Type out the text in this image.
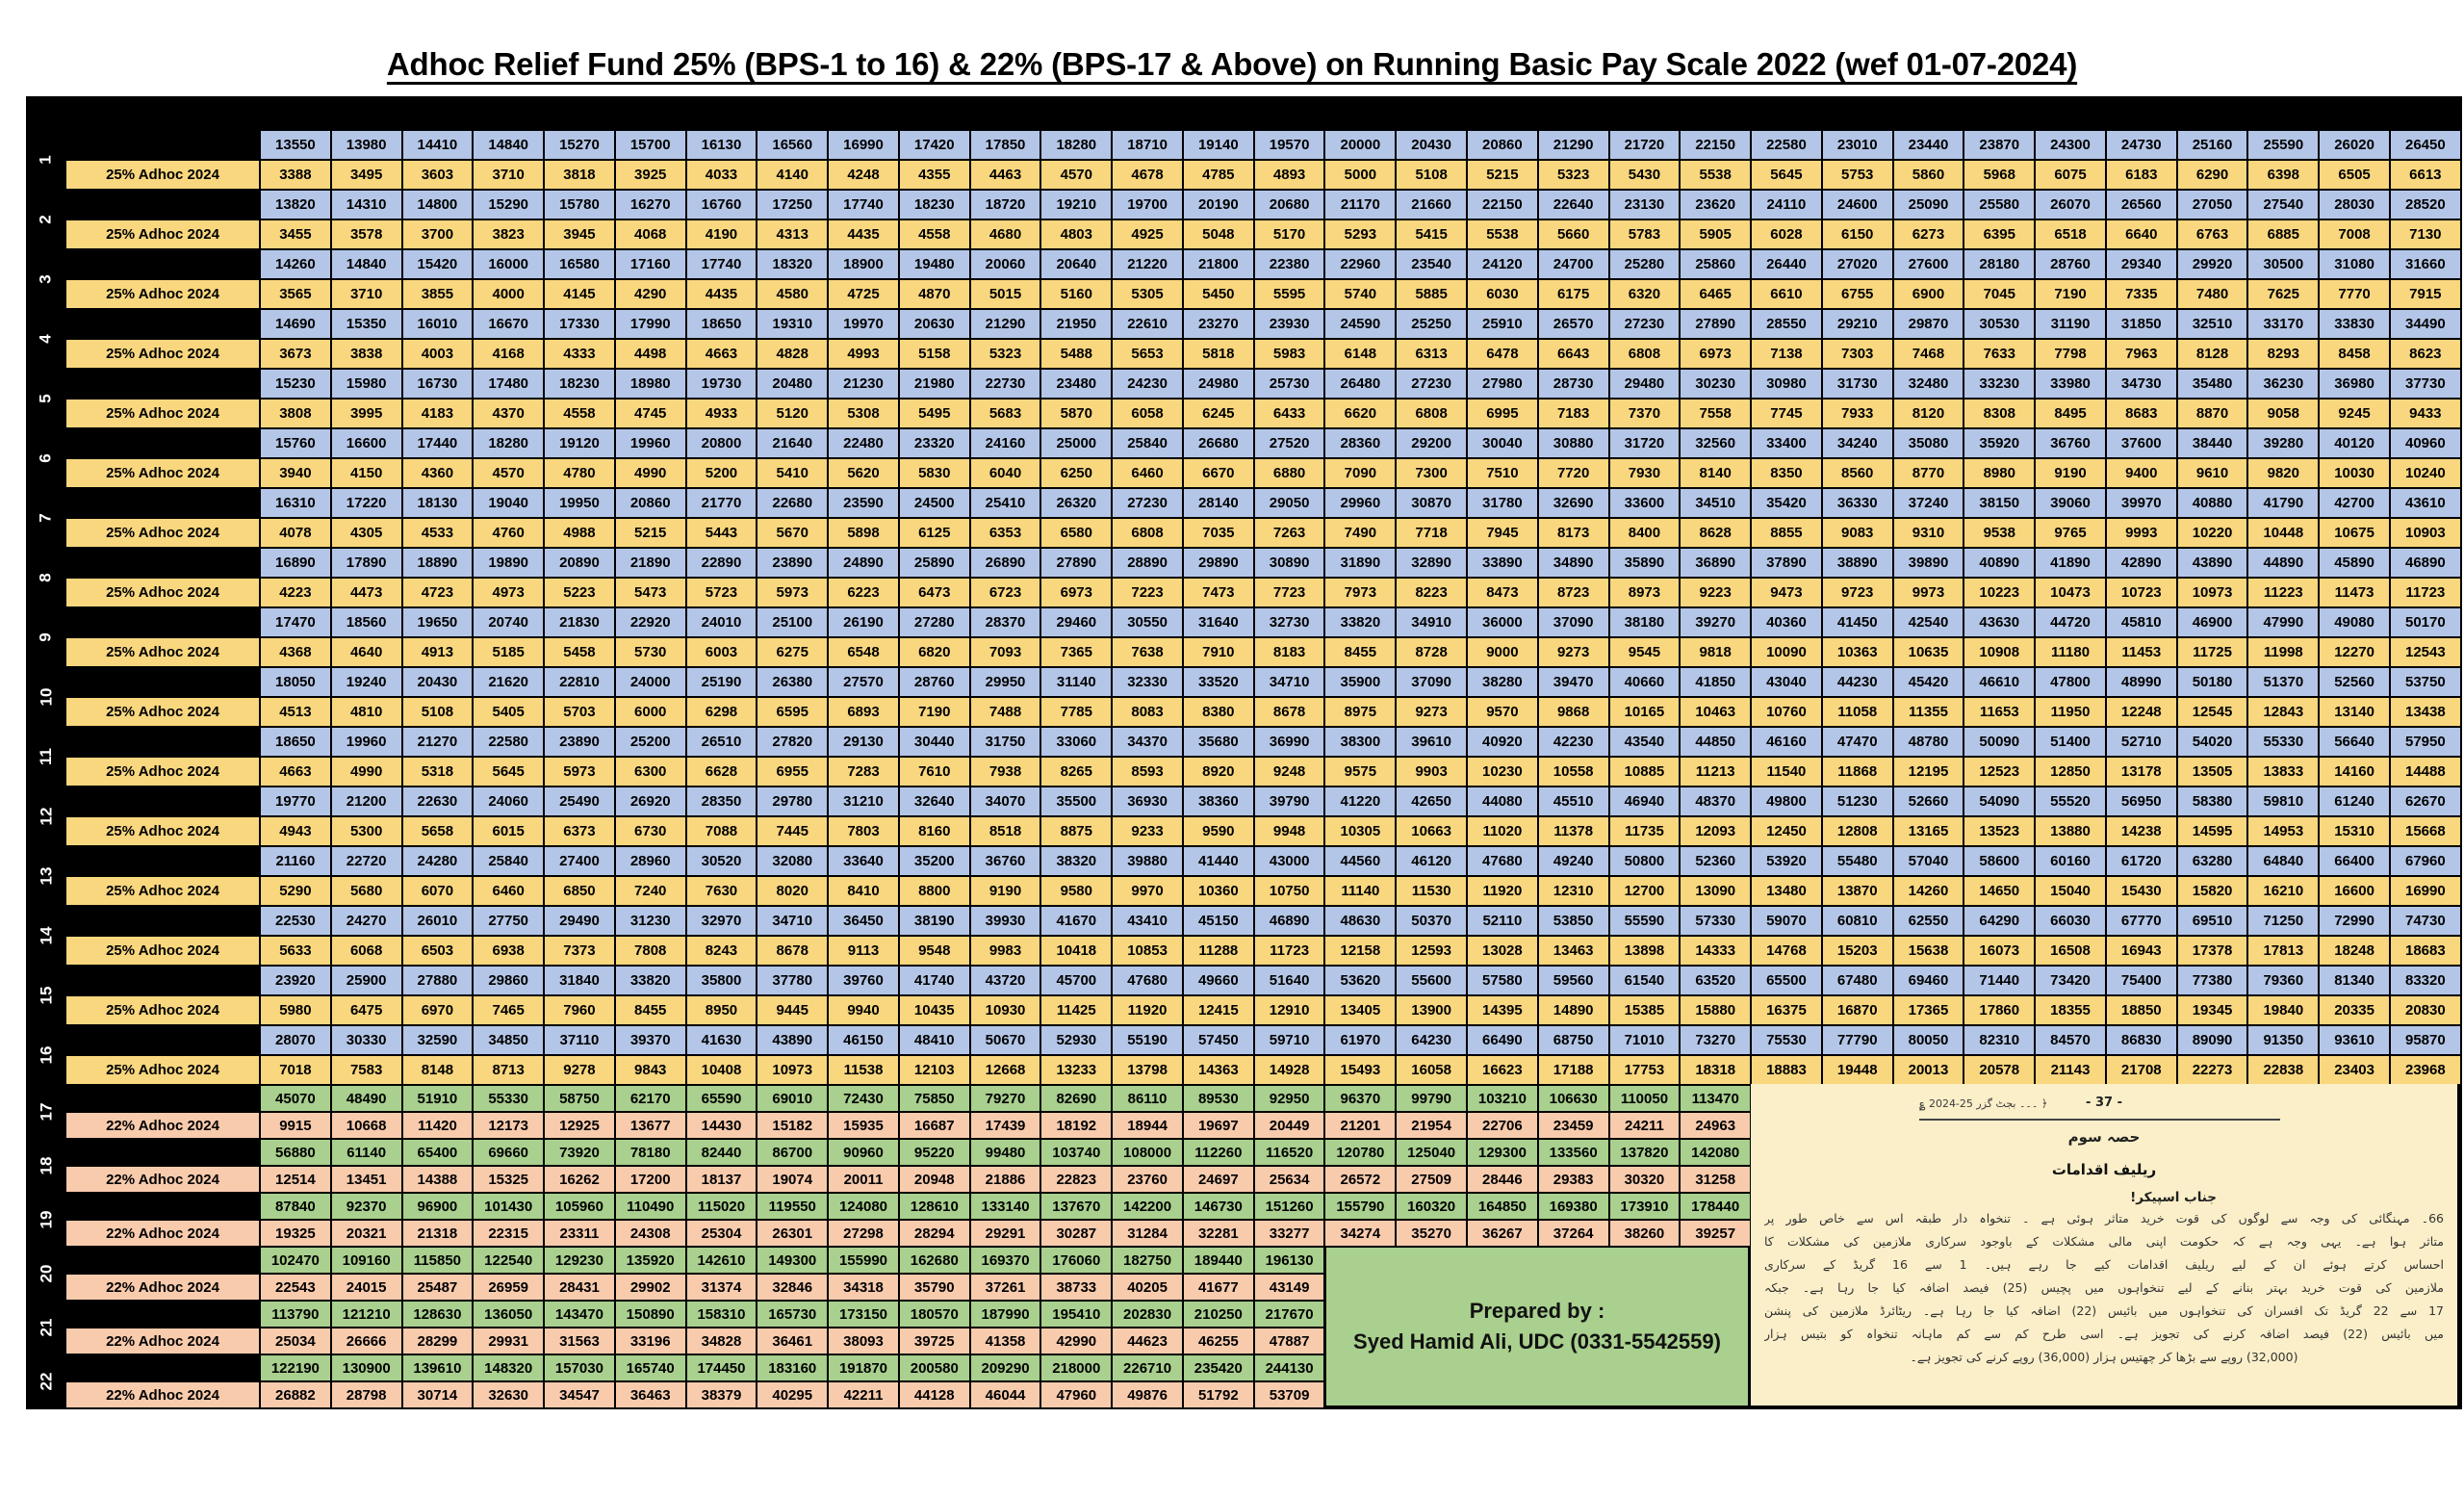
Adhoc Relief Fund 25% (BPS-1 to 16) & 22% (BPS-17 & Above) on Running Basic Pay Scale 2022 (wef 01-07-2024)
BS	Min	Incr	Max	0	1	2	3	4	5	6	7	8	9	10	11	12	13	14	15	16	17	18	19	20	21	22	23	24	25	26	27	28	29	30
1	13550	430	26450	13550	13980	14410	14840	15270	15700	16130	16560	16990	17420	17850	18280	18710	19140	19570	20000	20430	20860	21290	21720	22150	22580	23010	23440	23870	24300	24730	25160	25590	26020	26450
	25% Adhoc 2024			3388	3495	3603	3710	3818	3925	4033	4140	4248	4355	4463	4570	4678	4785	4893	5000	5108	5215	5323	5430	5538	5645	5753	5860	5968	6075	6183	6290	6398	6505	6613
2	13820	490	28520	13820	14310	14800	15290	15780	16270	16760	17250	17740	18230	18720	19210	19700	20190	20680	21170	21660	22150	22640	23130	23620	24110	24600	25090	25580	26070	26560	27050	27540	28030	28520
	25% Adhoc 2024			3455	3578	3700	3823	3945	4068	4190	4313	4435	4558	4680	4803	4925	5048	5170	5293	5415	5538	5660	5783	5905	6028	6150	6273	6395	6518	6640	6763	6885	7008	7130
3	14260	580	31660	14260	14840	15420	16000	16580	17160	17740	18320	18900	19480	20060	20640	21220	21800	22380	22960	23540	24120	24700	25280	25860	26440	27020	27600	28180	28760	29340	29920	30500	31080	31660
	25% Adhoc 2024			3565	3710	3855	4000	4145	4290	4435	4580	4725	4870	5015	5160	5305	5450	5595	5740	5885	6030	6175	6320	6465	6610	6755	6900	7045	7190	7335	7480	7625	7770	7915
4	14690	660	34490	14690	15350	16010	16670	17330	17990	18650	19310	19970	20630	21290	21950	22610	23270	23930	24590	25250	25910	26570	27230	27890	28550	29210	29870	30530	31190	31850	32510	33170	33830	34490
	25% Adhoc 2024			3673	3838	4003	4168	4333	4498	4663	4828	4993	5158	5323	5488	5653	5818	5983	6148	6313	6478	6643	6808	6973	7138	7303	7468	7633	7798	7963	8128	8293	8458	8623
5	15230	750	37730	15230	15980	16730	17480	18230	18980	19730	20480	21230	21980	22730	23480	24230	24980	25730	26480	27230	27980	28730	29480	30230	30980	31730	32480	33230	33980	34730	35480	36230	36980	37730
	25% Adhoc 2024			3808	3995	4183	4370	4558	4745	4933	5120	5308	5495	5683	5870	6058	6245	6433	6620	6808	6995	7183	7370	7558	7745	7933	8120	8308	8495	8683	8870	9058	9245	9433
6	15760	840	40960	15760	16600	17440	18280	19120	19960	20800	21640	22480	23320	24160	25000	25840	26680	27520	28360	29200	30040	30880	31720	32560	33400	34240	35080	35920	36760	37600	38440	39280	40120	40960
	25% Adhoc 2024			3940	4150	4360	4570	4780	4990	5200	5410	5620	5830	6040	6250	6460	6670	6880	7090	7300	7510	7720	7930	8140	8350	8560	8770	8980	9190	9400	9610	9820	10030	10240
7	16310	910	43610	16310	17220	18130	19040	19950	20860	21770	22680	23590	24500	25410	26320	27230	28140	29050	29960	30870	31780	32690	33600	34510	35420	36330	37240	38150	39060	39970	40880	41790	42700	43610
	25% Adhoc 2024			4078	4305	4533	4760	4988	5215	5443	5670	5898	6125	6353	6580	6808	7035	7263	7490	7718	7945	8173	8400	8628	8855	9083	9310	9538	9765	9993	10220	10448	10675	10903
8	16890	1000	46890	16890	17890	18890	19890	20890	21890	22890	23890	24890	25890	26890	27890	28890	29890	30890	31890	32890	33890	34890	35890	36890	37890	38890	39890	40890	41890	42890	43890	44890	45890	46890
	25% Adhoc 2024			4223	4473	4723	4973	5223	5473	5723	5973	6223	6473	6723	6973	7223	7473	7723	7973	8223	8473	8723	8973	9223	9473	9723	9973	10223	10473	10723	10973	11223	11473	11723
9	17470	1090	50170	17470	18560	19650	20740	21830	22920	24010	25100	26190	27280	28370	29460	30550	31640	32730	33820	34910	36000	37090	38180	39270	40360	41450	42540	43630	44720	45810	46900	47990	49080	50170
	25% Adhoc 2024			4368	4640	4913	5185	5458	5730	6003	6275	6548	6820	7093	7365	7638	7910	8183	8455	8728	9000	9273	9545	9818	10090	10363	10635	10908	11180	11453	11725	11998	12270	12543
10	18050	1190	53750	18050	19240	20430	21620	22810	24000	25190	26380	27570	28760	29950	31140	32330	33520	34710	35900	37090	38280	39470	40660	41850	43040	44230	45420	46610	47800	48990	50180	51370	52560	53750
	25% Adhoc 2024			4513	4810	5108	5405	5703	6000	6298	6595	6893	7190	7488	7785	8083	8380	8678	8975	9273	9570	9868	10165	10463	10760	11058	11355	11653	11950	12248	12545	12843	13140	13438
11	18650	1310	57950	18650	19960	21270	22580	23890	25200	26510	27820	29130	30440	31750	33060	34370	35680	36990	38300	39610	40920	42230	43540	44850	46160	47470	48780	50090	51400	52710	54020	55330	56640	57950
	25% Adhoc 2024			4663	4990	5318	5645	5973	6300	6628	6955	7283	7610	7938	8265	8593	8920	9248	9575	9903	10230	10558	10885	11213	11540	11868	12195	12523	12850	13178	13505	13833	14160	14488
12	19770	1430	62670	19770	21200	22630	24060	25490	26920	28350	29780	31210	32640	34070	35500	36930	38360	39790	41220	42650	44080	45510	46940	48370	49800	51230	52660	54090	55520	56950	58380	59810	61240	62670
	25% Adhoc 2024			4943	5300	5658	6015	6373	6730	7088	7445	7803	8160	8518	8875	9233	9590	9948	10305	10663	11020	11378	11735	12093	12450	12808	13165	13523	13880	14238	14595	14953	15310	15668
13	21160	1560	67960	21160	22720	24280	25840	27400	28960	30520	32080	33640	35200	36760	38320	39880	41440	43000	44560	46120	47680	49240	50800	52360	53920	55480	57040	58600	60160	61720	63280	64840	66400	67960
	25% Adhoc 2024			5290	5680	6070	6460	6850	7240	7630	8020	8410	8800	9190	9580	9970	10360	10750	11140	11530	11920	12310	12700	13090	13480	13870	14260	14650	15040	15430	15820	16210	16600	16990
14	22530	1740	74730	22530	24270	26010	27750	29490	31230	32970	34710	36450	38190	39930	41670	43410	45150	46890	48630	50370	52110	53850	55590	57330	59070	60810	62550	64290	66030	67770	69510	71250	72990	74730
	25% Adhoc 2024			5633	6068	6503	6938	7373	7808	8243	8678	9113	9548	9983	10418	10853	11288	11723	12158	12593	13028	13463	13898	14333	14768	15203	15638	16073	16508	16943	17378	17813	18248	18683
15	23920	1980	83320	23920	25900	27880	29860	31840	33820	35800	37780	39760	41740	43720	45700	47680	49660	51640	53620	55600	57580	59560	61540	63520	65500	67480	69460	71440	73420	75400	77380	79360	81340	83320
	25% Adhoc 2024			5980	6475	6970	7465	7960	8455	8950	9445	9940	10435	10930	11425	11920	12415	12910	13405	13900	14395	14890	15385	15880	16375	16870	17365	17860	18355	18850	19345	19840	20335	20830
16	28070	2260	95870	28070	30330	32590	34850	37110	39370	41630	43890	46150	48410	50670	52930	55190	57450	59710	61970	64230	66490	68750	71010	73270	75530	77790	80050	82310	84570	86830	89090	91350	93610	95870
	25% Adhoc 2024			7018	7583	8148	8713	9278	9843	10408	10973	11538	12103	12668	13233	13798	14363	14928	15493	16058	16623	17188	17753	18318	18883	19448	20013	20578	21143	21708	22273	22838	23403	23968
17	45070	3420	113470	45070	48490	51910	55330	58750	62170	65590	69010	72430	75850	79270	82690	86110	89530	92950	96370	99790	103210	106630	110050	113470										
	22% Adhoc 2024			9915	10668	11420	12173	12925	13677	14430	15182	15935	16687	17439	18192	18944	19697	20449	21201	21954	22706	23459	24211	24963										
18	56880	4260	142080	56880	61140	65400	69660	73920	78180	82440	86700	90960	95220	99480	103740	108000	112260	116520	120780	125040	129300	133560	137820	142080										
	22% Adhoc 2024			12514	13451	14388	15325	16262	17200	18137	19074	20011	20948	21886	22823	23760	24697	25634	26572	27509	28446	29383	30320	31258										
19	87840	4530	178440	87840	92370	96900	101430	105960	110490	115020	119550	124080	128610	133140	137670	142200	146730	151260	155790	160320	164850	169380	173910	178440										
	22% Adhoc 2024			19325	20321	21318	22315	23311	24308	25304	26301	27298	28294	29291	30287	31284	32281	33277	34274	35270	36267	37264	38260	39257										
20	102470	6690	196130	102470	109160	115850	122540	129230	135920	142610	149300	155990	162680	169370	176060	182750	189440	196130																
	22% Adhoc 2024			22543	24015	25487	26959	28431	29902	31374	32846	34318	35790	37261	38733	40205	41677	43149																
21	113790	7420	217670	113790	121210	128630	136050	143470	150890	158310	165730	173150	180570	187990	195410	202830	210250	217670																
	22% Adhoc 2024			25034	26666	28299	29931	31563	33196	34828	36461	38093	39725	41358	42990	44623	46255	47887																
22	122190	8710	244130	122190	130900	139610	148320	157030	165740	174450	183160	191870	200580	209290	218000	226710	235420	244130																
	22% Adhoc 2024			26882	28798	30714	32630	34547	36463	38379	40295	42211	44128	46044	47960	49876	51792	53709																
Prepared by :
Syed Hamid Ali, UDC (0331-5542559)
- 37 -
؏ 2024-25 ۔۔۔ بجٹ گزر ﴿
حصہ سوم
ریلیف اقدامات
جناب اسپیکر!
66۔ مہنگائی کی وجہ سے لوگوں کی قوت خرید متاثر ہوئی ہے ۔ تنخواہ دار طبقہ اس سے خاص طور پر
متاثر ہوا ہے۔ یہی وجہ ہے کہ حکومت اپنی مالی مشکلات کے باوجود سرکاری ملازمین کی مشکلات کا
احساس کرتے ہوئے ان کے لیے ریلیف اقدامات کیے جا رہے ہیں۔ 1 سے 16 گریڈ کے سرکاری
ملازمین کی قوت خرید بہتر بنانے کے لیے تنخواہوں میں پچیس (25) فیصد اضافہ کیا جا رہا ہے۔ جبکہ
17 سے 22 گریڈ تک افسران کی تنخواہوں میں بائیس (22) اضافہ کیا جا رہا ہے۔ ریٹائرڈ ملازمین کی پنشن
میں بائیس (22) فیصد اضافہ کرنے کی تجویز ہے۔ اسی طرح کم سے کم ماہانہ تنخواہ کو بتیس ہزار
(32,000) روپے سے بڑھا کر چھتیس ہزار (36,000) روپے کرنے کی تجویز ہے۔
